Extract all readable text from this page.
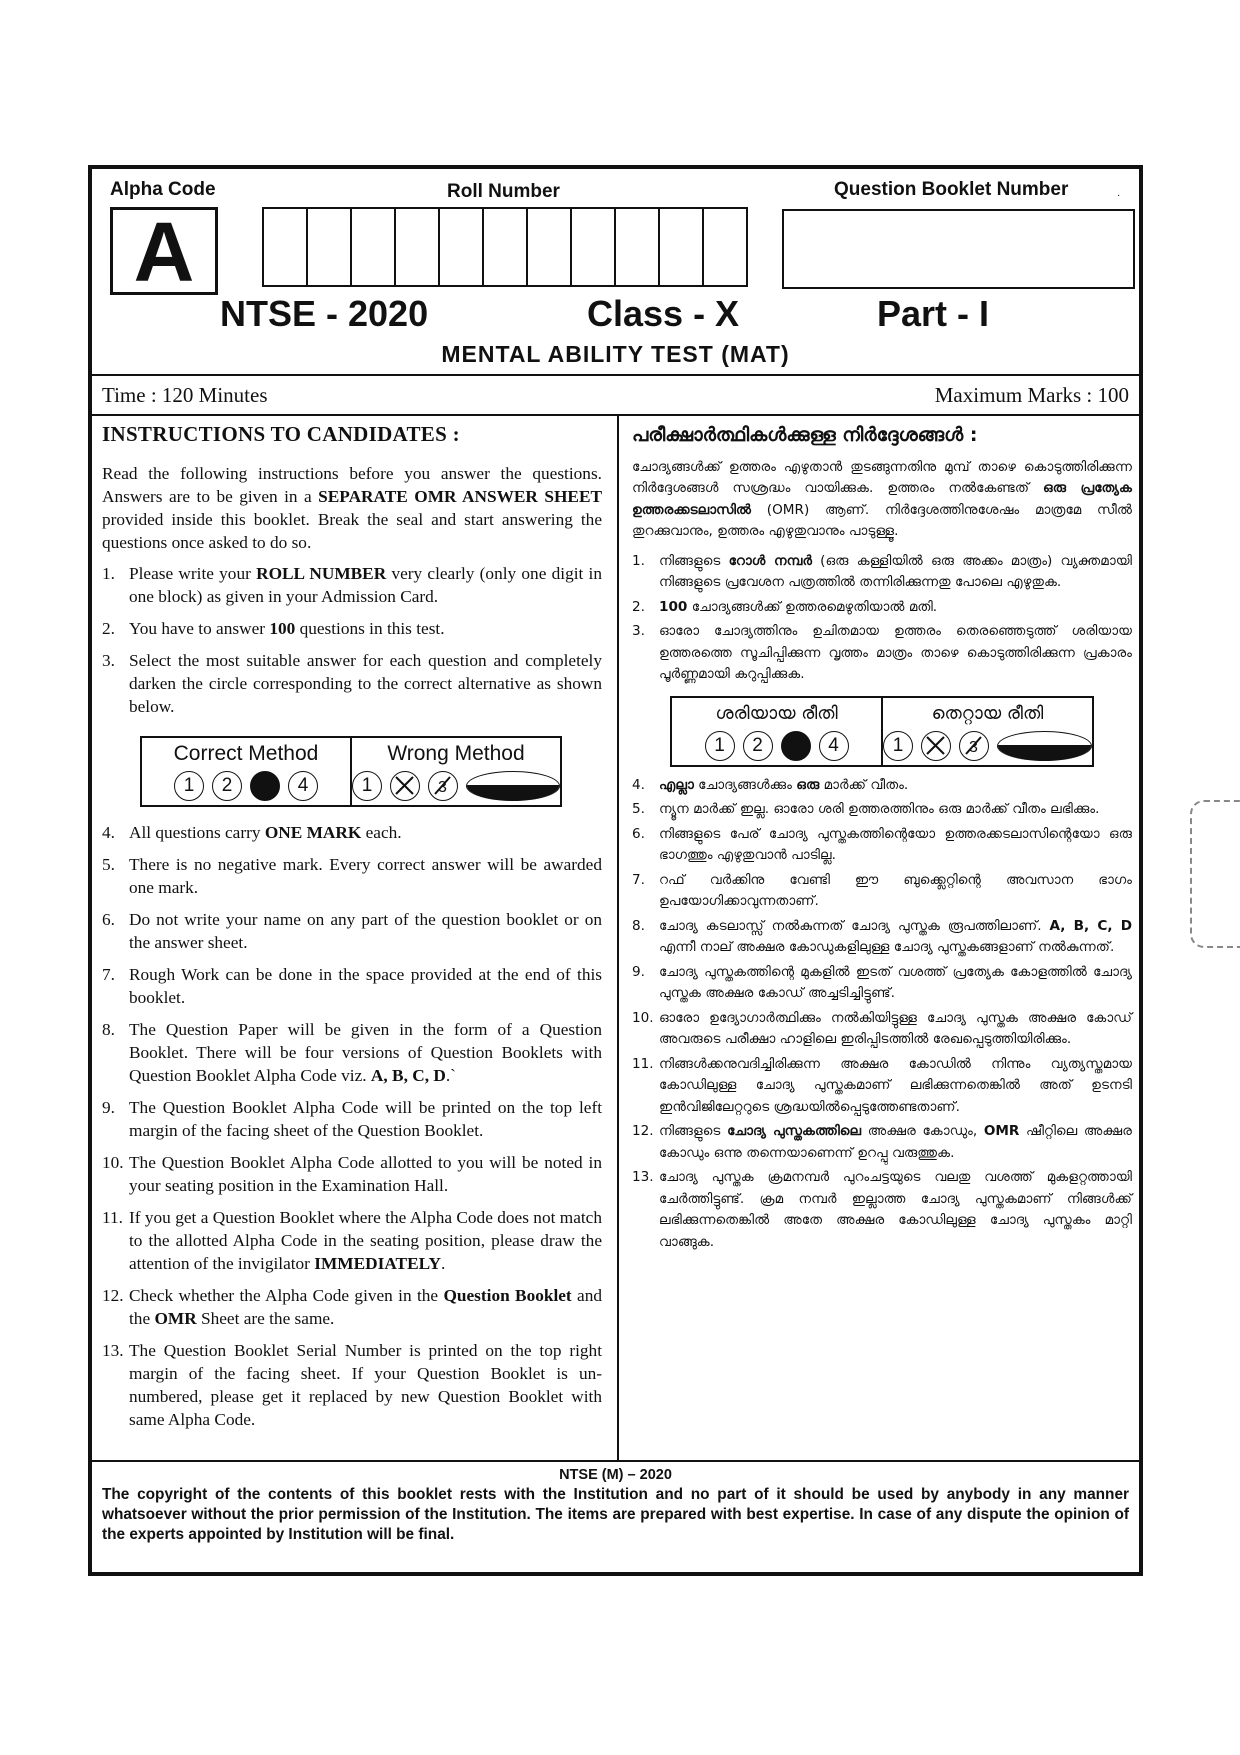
Alpha Code
A
Roll Number	Question Booklet Number	·
NTSE - 2020	Class - X	Part - I
MENTAL ABILITY TEST (MAT)
Time : 120 Minutes	Maximum Marks : 100
INSTRUCTIONS TO CANDIDATES :
Read the following instructions before you answer the questions. Answers are to be given in a SEPARATE OMR ANSWER SHEET provided inside this booklet. Break the seal and start answering the questions once asked to do so.
1. Please write your ROLL NUMBER very clearly (only one digit in one block) as given in your Admission Card.
2. You have to answer 100 questions in this test.
3. Select the most suitable answer for each question and completely darken the circle corresponding to the correct alternative as shown below.
Correct Method
1	2	4
Wrong Method
1	3
4. All questions carry ONE MARK each.
5. There is no negative mark. Every correct answer will be awarded one mark.
6. Do not write your name on any part of the question booklet or on the answer sheet.
7. Rough Work can be done in the space provided at the end of this booklet.
8. The Question Paper will be given in the form of a Question Booklet. There will be four versions of Question Booklets with Question Booklet Alpha Code viz. A, B, C, D.`
9. The Question Booklet Alpha Code will be printed on the top left margin of the facing sheet of the Question Booklet.
10. The Question Booklet Alpha Code allotted to you will be noted in your seating position in the Examination Hall.
11. If you get a Question Booklet where the Alpha Code does not match to the allotted Alpha Code in the seating position, please draw the attention of the invigilator IMMEDIATELY.
12. Check whether the Alpha Code given in the Question Booklet and the OMR Sheet are the same.
13. The Question Booklet Serial Number is printed on the top right margin of the facing sheet. If your Question Booklet is un-numbered, please get it replaced by new Question Booklet with same Alpha Code.
പരീക്ഷാർത്ഥികൾക്കുള്ള നിർദ്ദേശങ്ങൾ :
ചോദ്യങ്ങൾക്ക് ഉത്തരം എഴുതാൻ തുടങ്ങുന്നതിനു മുമ്പ് താഴെ കൊടുത്തിരിക്കുന്ന നിർദ്ദേശങ്ങൾ സശ്രദ്ധം വായിക്കുക. ഉത്തരം നൽകേണ്ടത് ഒരു പ്രത്യേക ഉത്തരക്കടലാസിൽ (OMR) ആണ്. നിർദ്ദേശത്തിനുശേഷം മാത്രമേ സീൽ തുറക്കുവാനും, ഉത്തരം എഴുതുവാനും പാടുള്ളൂ.
1. നിങ്ങളുടെ റോൾ നമ്പർ (ഒരു കള്ളിയിൽ ഒരു അക്കം മാത്രം) വ്യക്തമായി നിങ്ങളുടെ പ്രവേശന പത്രത്തിൽ തന്നിരിക്കുന്നതു പോലെ എഴുതുക.
2. 100 ചോദ്യങ്ങൾക്ക് ഉത്തരമെഴുതിയാൽ മതി.
3. ഓരോ ചോദ്യത്തിനും ഉചിതമായ ഉത്തരം തെരഞ്ഞെടുത്ത് ശരിയായ ഉത്തരത്തെ സൂചിപ്പിക്കുന്ന വൃത്തം മാത്രം താഴെ കൊടുത്തിരിക്കുന്ന പ്രകാരം പൂർണ്ണമായി കറുപ്പിക്കുക.
ശരിയായ രീതി
1	2	4
തെറ്റായ രീതി
1	3
4. എല്ലാ ചോദ്യങ്ങൾക്കും ഒരു മാർക്ക് വീതം.
5. ന്യൂന മാർക്ക് ഇല്ല. ഓരോ ശരി ഉത്തരത്തിനും ഒരു മാർക്ക് വീതം ലഭിക്കും.
6. നിങ്ങളുടെ പേര് ചോദ്യ പുസ്തകത്തിന്റെയോ ഉത്തരക്കടലാസിന്റെയോ ഒരു ഭാഗത്തും എഴുതുവാൻ പാടില്ല.
7. റഫ് വർക്കിനു വേണ്ടി ഈ ബുക്ക്ലെറ്റിന്റെ അവസാന ഭാഗം ഉപയോഗിക്കാവുന്നതാണ്.
8. ചോദ്യ കടലാസ്സ് നൽകുന്നത് ചോദ്യ പുസ്തക രൂപത്തിലാണ്. A, B, C, D എന്നീ നാല് അക്ഷര കോഡുകളിലുള്ള ചോദ്യ പുസ്തകങ്ങളാണ് നൽകുന്നത്.
9. ചോദ്യ പുസ്തകത്തിന്റെ മുകളിൽ ഇടത് വശത്ത് പ്രത്യേക കോളത്തിൽ ചോദ്യ പുസ്തക അക്ഷര കോഡ് അച്ചടിച്ചിട്ടുണ്ട്.
10. ഓരോ ഉദ്യോഗാർത്ഥിക്കും നൽകിയിട്ടുള്ള ചോദ്യ പുസ്തക അക്ഷര കോഡ് അവരുടെ പരീക്ഷാ ഹാളിലെ ഇരിപ്പിടത്തിൽ രേഖപ്പെടുത്തിയിരിക്കും.
11. നിങ്ങൾക്കനുവദിച്ചിരിക്കുന്ന അക്ഷര കോഡിൽ നിന്നും വ്യത്യസ്തമായ കോഡിലുള്ള ചോദ്യ പുസ്തകമാണ് ലഭിക്കുന്നതെങ്കിൽ അത് ഉടനടി ഇൻവിജിലേറ്ററുടെ ശ്രദ്ധയിൽപ്പെടുത്തേണ്ടതാണ്.
12. നിങ്ങളുടെ ചോദ്യ പുസ്തകത്തിലെ അക്ഷര കോഡും, OMR ഷീറ്റിലെ അക്ഷര കോഡും ഒന്നു തന്നെയാണെന്ന് ഉറപ്പു വരുത്തുക.
13. ചോദ്യ പുസ്തക ക്രമനമ്പർ പുറംചട്ടയുടെ വലതു വശത്ത് മുകളറ്റത്തായി ചേർത്തിട്ടുണ്ട്. ക്രമ നമ്പർ ഇല്ലാത്ത ചോദ്യ പുസ്തകമാണ് നിങ്ങൾക്ക് ലഭിക്കുന്നതെങ്കിൽ അതേ അക്ഷര കോഡിലുള്ള ചോദ്യ പുസ്തകം മാറ്റി വാങ്ങുക.
NTSE (M) – 2020
The copyright of the contents of this booklet rests with the Institution and no part of it should be used by anybody in any manner whatsoever without the prior permission of the Institution. The items are prepared with best expertise. In case of any dispute the opinion of the experts appointed by Institution will be final.
